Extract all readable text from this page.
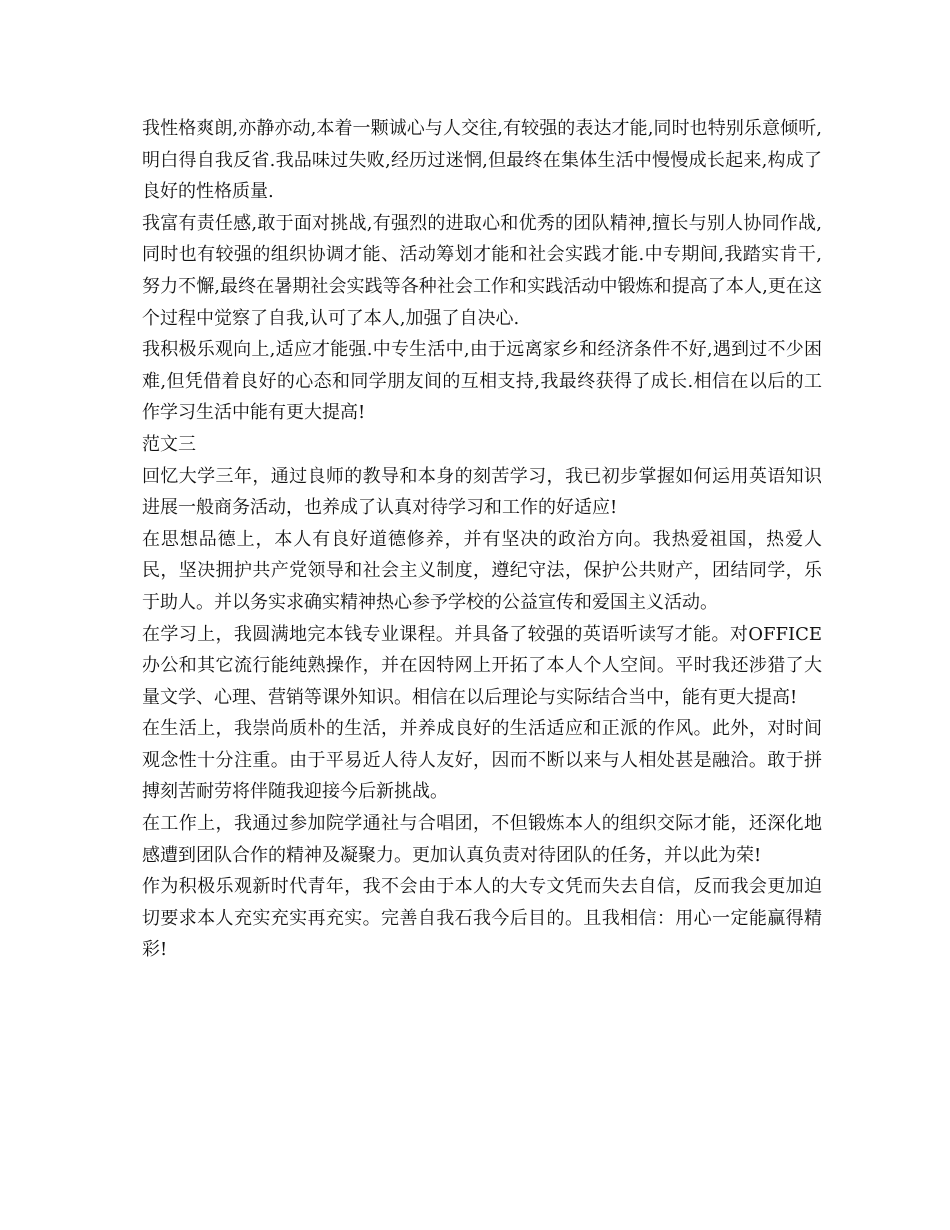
我性格爽朗,亦静亦动,本着一颗诚心与人交往,有较强的表达才能,同时也特别乐意倾听,明白得自我反省.我品味过失败,经历过迷惘,但最终在集体生活中慢慢成长起来,构成了良好的性格质量.

我富有责任感,敢于面对挑战,有强烈的进取心和优秀的团队精神,擅长与别人协同作战,同时也有较强的组织协调才能、活动筹划才能和社会实践才能.中专期间,我踏实肯干,努力不懈,最终在暑期社会实践等各种社会工作和实践活动中锻炼和提高了本人,更在这个过程中觉察了自我,认可了本人,加强了自决心.

我积极乐观向上,适应才能强.中专生活中,由于远离家乡和经济条件不好,遇到过不少困难,但凭借着良好的心态和同学朋友间的互相支持,我最终获得了成长.相信在以后的工作学习生活中能有更大提高!

范文三

回忆大学三年，通过良师的教导和本身的刻苦学习，我已初步掌握如何运用英语知识进展一般商务活动，也养成了认真对待学习和工作的好适应!

在思想品德上，本人有良好道德修养，并有坚决的政治方向。我热爱祖国，热爱人民，坚决拥护共产党领导和社会主义制度，遵纪守法，保护公共财产，团结同学，乐于助人。并以务实求确实精神热心参予学校的公益宣传和爱国主义活动。

在学习上，我圆满地完本钱专业课程。并具备了较强的英语听读写才能。对OFFICE办公和其它流行能纯熟操作，并在因特网上开拓了本人个人空间。平时我还涉猎了大量文学、心理、营销等课外知识。相信在以后理论与实际结合当中，能有更大提高!

在生活上，我崇尚质朴的生活，并养成良好的生活适应和正派的作风。此外，对时间观念性十分注重。由于平易近人待人友好，因而不断以来与人相处甚是融洽。敢于拼搏刻苦耐劳将伴随我迎接今后新挑战。

在工作上，我通过参加院学通社与合唱团，不但锻炼本人的组织交际才能，还深化地感遭到团队合作的精神及凝聚力。更加认真负责对待团队的任务，并以此为荣!

作为积极乐观新时代青年，我不会由于本人的大专文凭而失去自信，反而我会更加迫切要求本人充实充实再充实。完善自我石我今后目的。且我相信：用心一定能赢得精彩!
